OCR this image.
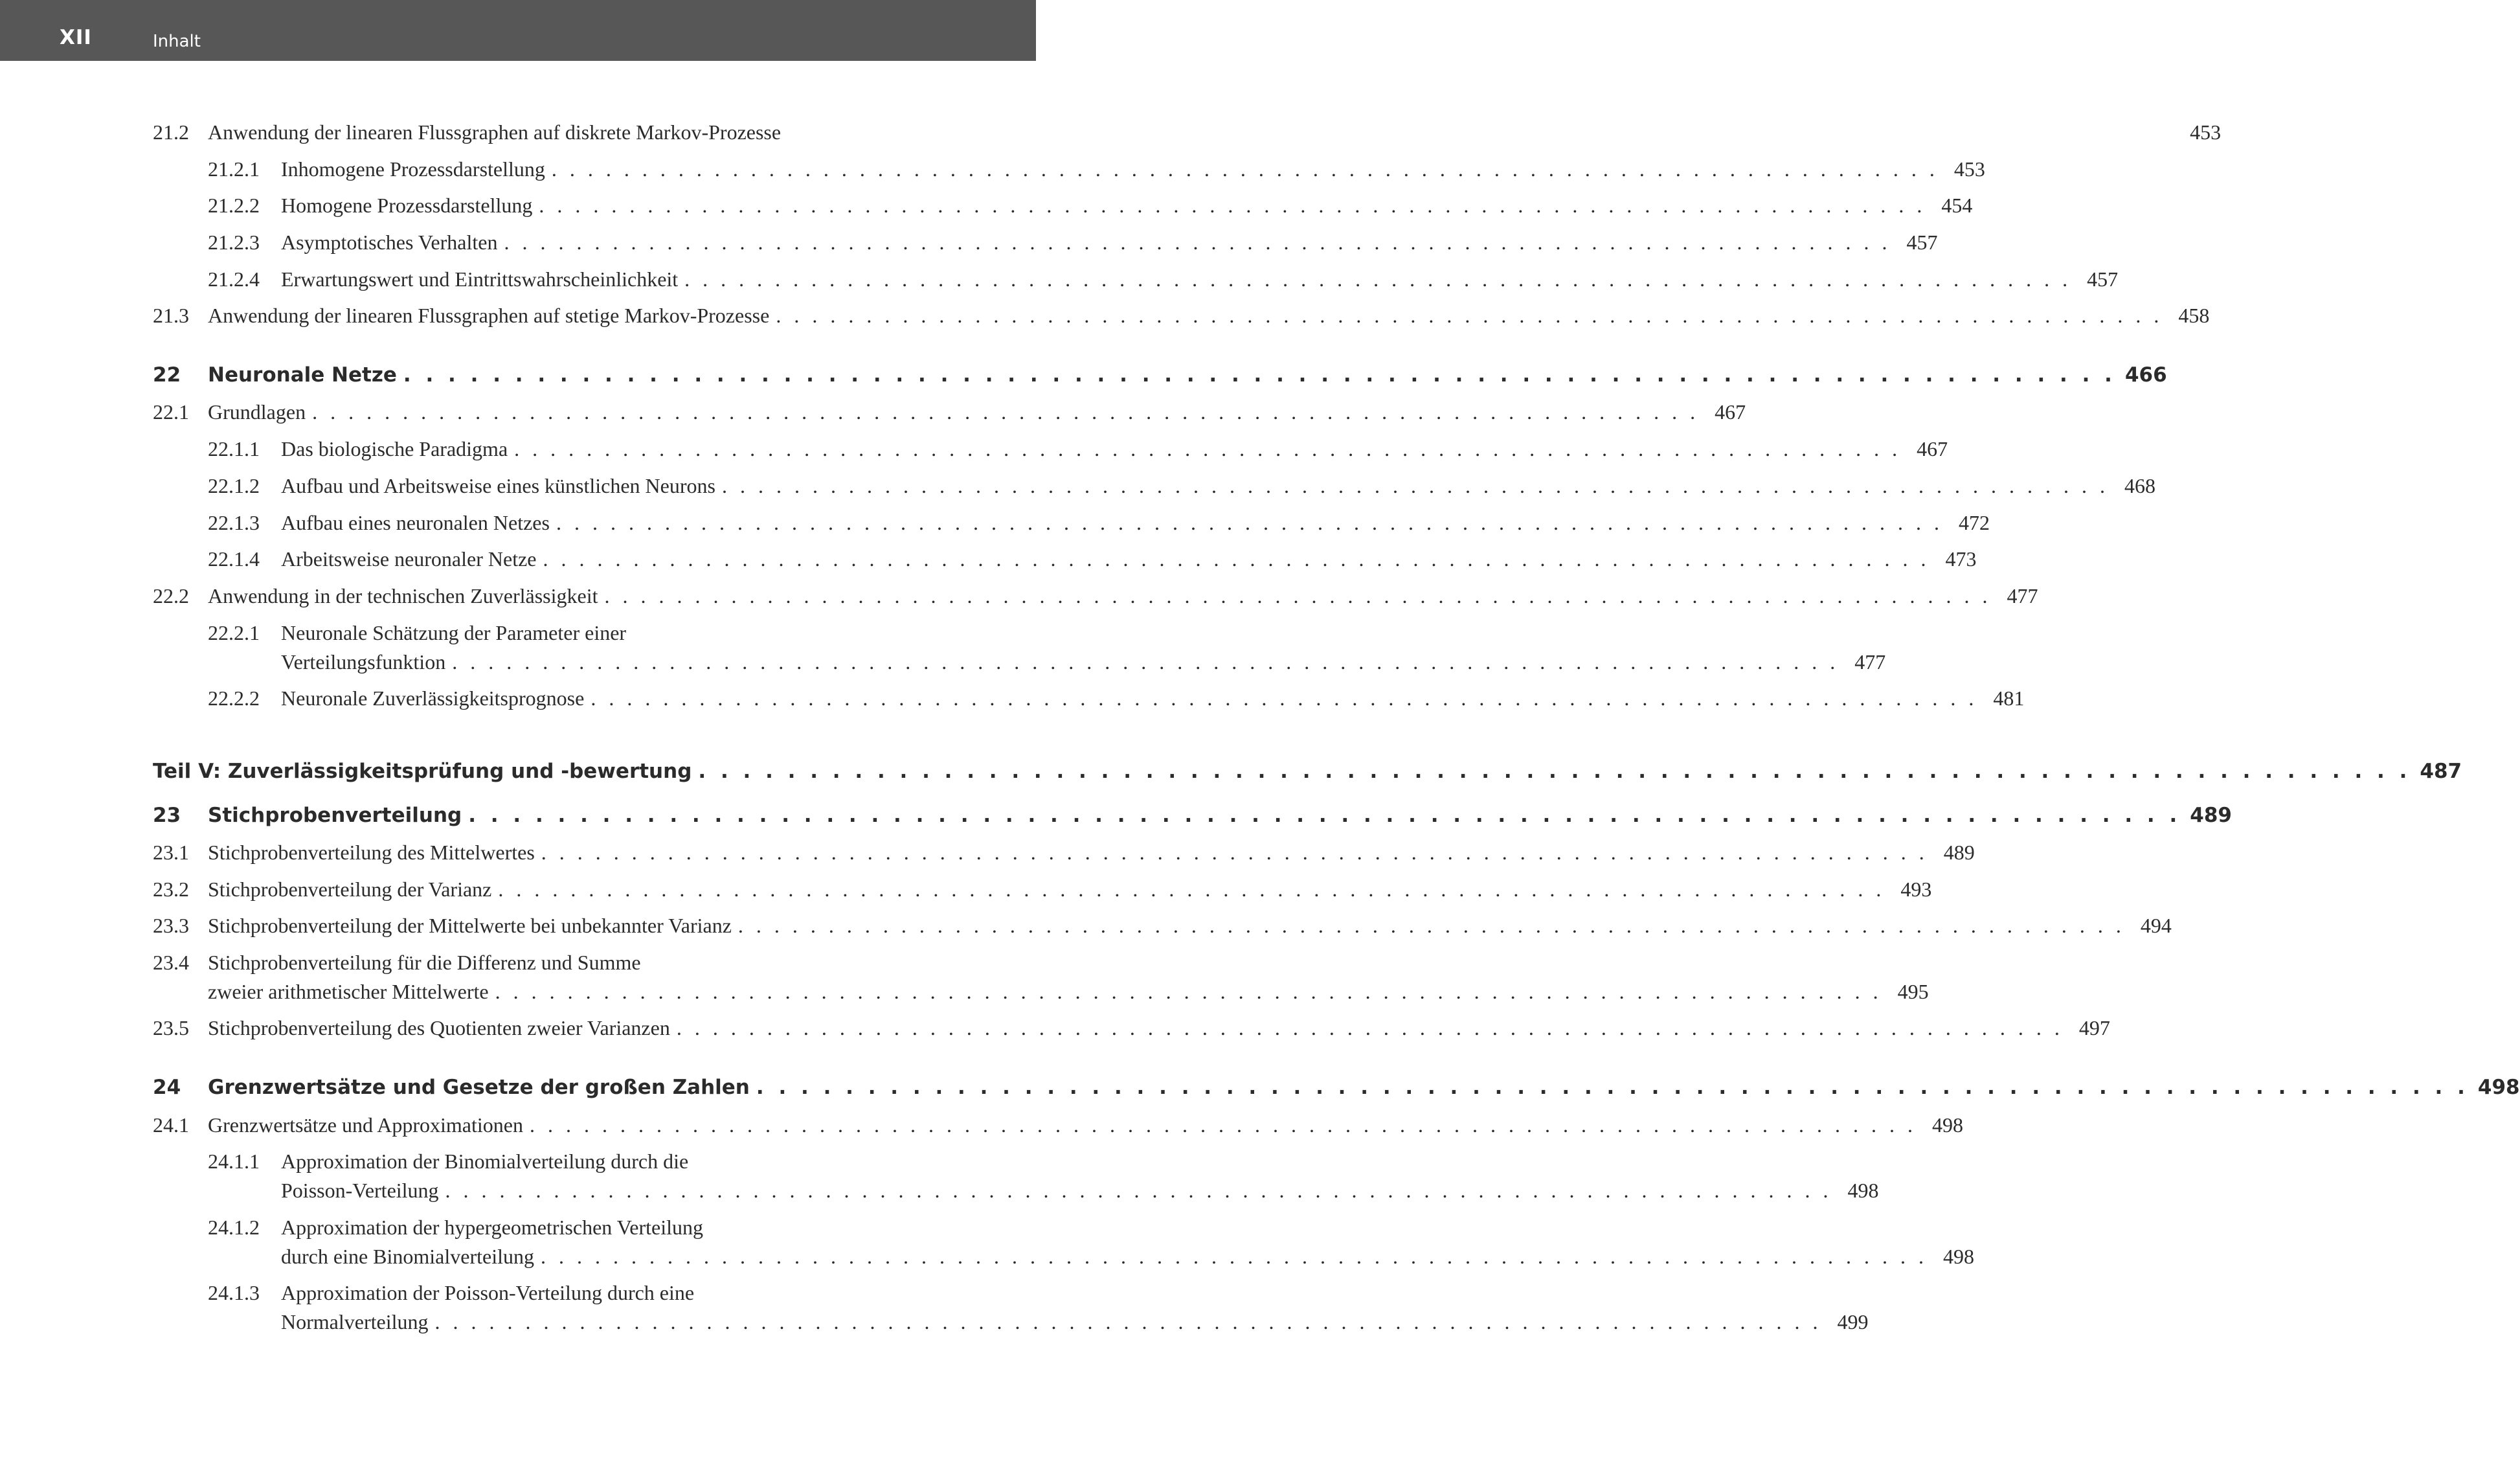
XII	Inhalt
21.2 Anwendung der linearen Flussgraphen auf diskrete Markov-Prozesse	453
21.2.1	Inhomogene Prozessdarstellung . . . . . . . . . . . . . . . . . . . . . . . . . . . . . . . . . . . . . . . . . . . . . . . . . . . . . . . . . . . . . . . . . . . . . . . . . . . . . 453
21.2.2	Homogene Prozessdarstellung . . . . . . . . . . . . . . . . . . . . . . . . . . . . . . . . . . . . . . . . . . . . . . . . . . . . . . . . . . . . . . . . . . . . . . . . . . . . . 454
21.2.3	Asymptotisches Verhalten . . . . . . . . . . . . . . . . . . . . . . . . . . . . . . . . . . . . . . . . . . . . . . . . . . . . . . . . . . . . . . . . . . . . . . . . . . . . . 457
21.2.4	Erwartungswert und Eintrittswahrscheinlichkeit . . . . . . . . . . . . . . . . . . . . . . . . . . . . . . . . . . . . . . . . . . . . . . . . . . . . . . . . . . . . . . . . . . . . . . . . . . . . . 457
21.3 Anwendung der linearen Flussgraphen auf stetige Markov-Prozesse . . . . . . . . . . . . . . . . . . . . . . . . . . . . . . . . . . . . . . . . . . . . . . . . . . . . . . . . . . . . . . . . . . . . . . . . . . . . . 458
22	Neuronale Netze . . . . . . . . . . . . . . . . . . . . . . . . . . . . . . . . . . . . . . . . . . . . . . . . . . . . . . . . . . . . . . . . . . . . . . . . . . . . . 466
22.1 Grundlagen . . . . . . . . . . . . . . . . . . . . . . . . . . . . . . . . . . . . . . . . . . . . . . . . . . . . . . . . . . . . . . . . . . . . . . . . . . . . . 467
22.1.1	Das biologische Paradigma . . . . . . . . . . . . . . . . . . . . . . . . . . . . . . . . . . . . . . . . . . . . . . . . . . . . . . . . . . . . . . . . . . . . . . . . . . . . . 467
22.1.2	Aufbau und Arbeitsweise eines künstlichen Neurons . . . . . . . . . . . . . . . . . . . . . . . . . . . . . . . . . . . . . . . . . . . . . . . . . . . . . . . . . . . . . . . . . . . . . . . . . . . . . 468
22.1.3	Aufbau eines neuronalen Netzes . . . . . . . . . . . . . . . . . . . . . . . . . . . . . . . . . . . . . . . . . . . . . . . . . . . . . . . . . . . . . . . . . . . . . . . . . . . . . 472
22.1.4	Arbeitsweise neuronaler Netze . . . . . . . . . . . . . . . . . . . . . . . . . . . . . . . . . . . . . . . . . . . . . . . . . . . . . . . . . . . . . . . . . . . . . . . . . . . . . 473
22.2 Anwendung in der technischen Zuverlässigkeit . . . . . . . . . . . . . . . . . . . . . . . . . . . . . . . . . . . . . . . . . . . . . . . . . . . . . . . . . . . . . . . . . . . . . . . . . . . . . 477
22.2.1 Neuronale Schätzung der Parameter einer
Verteilungsfunktion . . . . . . . . . . . . . . . . . . . . . . . . . . . . . . . . . . . . . . . . . . . . . . . . . . . . . . . . . . . . . . . . . . . . . . . . . . . . . 477
22.2.2	Neuronale Zuverlässigkeitsprognose . . . . . . . . . . . . . . . . . . . . . . . . . . . . . . . . . . . . . . . . . . . . . . . . . . . . . . . . . . . . . . . . . . . . . . . . . . . . . 481
Teil V: Zuverlässigkeitsprüfung und -bewertung . . . . . . . . . . . . . . . . . . . . . . . . . . . . . . . . . . . . . . . . . . . . . . . . . . . . . . . . . . . . . . . . . . . . . . . . . . . . . 487
23	Stichprobenverteilung . . . . . . . . . . . . . . . . . . . . . . . . . . . . . . . . . . . . . . . . . . . . . . . . . . . . . . . . . . . . . . . . . . . . . . . . . . . . . 489
23.1 Stichprobenverteilung des Mittelwertes . . . . . . . . . . . . . . . . . . . . . . . . . . . . . . . . . . . . . . . . . . . . . . . . . . . . . . . . . . . . . . . . . . . . . . . . . . . . . 489
23.2 Stichprobenverteilung der Varianz . . . . . . . . . . . . . . . . . . . . . . . . . . . . . . . . . . . . . . . . . . . . . . . . . . . . . . . . . . . . . . . . . . . . . . . . . . . . . 493
23.3 Stichprobenverteilung der Mittelwerte bei unbekannter Varianz . . . . . . . . . . . . . . . . . . . . . . . . . . . . . . . . . . . . . . . . . . . . . . . . . . . . . . . . . . . . . . . . . . . . . . . . . . . . . 494
23.4 Stichprobenverteilung für die Differenz und Summe
zweier arithmetischer Mittelwerte . . . . . . . . . . . . . . . . . . . . . . . . . . . . . . . . . . . . . . . . . . . . . . . . . . . . . . . . . . . . . . . . . . . . . . . . . . . . . 495
23.5 Stichprobenverteilung des Quotienten zweier Varianzen . . . . . . . . . . . . . . . . . . . . . . . . . . . . . . . . . . . . . . . . . . . . . . . . . . . . . . . . . . . . . . . . . . . . . . . . . . . . . 497
24	Grenzwertsätze und Gesetze der großen Zahlen . . . . . . . . . . . . . . . . . . . . . . . . . . . . . . . . . . . . . . . . . . . . . . . . . . . . . . . . . . . . . . . . . . . . . . . . . . . . . 498
24.1 Grenzwertsätze und Approximationen . . . . . . . . . . . . . . . . . . . . . . . . . . . . . . . . . . . . . . . . . . . . . . . . . . . . . . . . . . . . . . . . . . . . . . . . . . . . . 498
24.1.1 Approximation der Binomialverteilung durch die
Poisson-Verteilung . . . . . . . . . . . . . . . . . . . . . . . . . . . . . . . . . . . . . . . . . . . . . . . . . . . . . . . . . . . . . . . . . . . . . . . . . . . . . 498
24.1.2 Approximation der hypergeometrischen Verteilung
durch eine Binomialverteilung . . . . . . . . . . . . . . . . . . . . . . . . . . . . . . . . . . . . . . . . . . . . . . . . . . . . . . . . . . . . . . . . . . . . . . . . . . . . . 498
24.1.3 Approximation der Poisson-Verteilung durch eine
Normalverteilung . . . . . . . . . . . . . . . . . . . . . . . . . . . . . . . . . . . . . . . . . . . . . . . . . . . . . . . . . . . . . . . . . . . . . . . . . . . . . 499
